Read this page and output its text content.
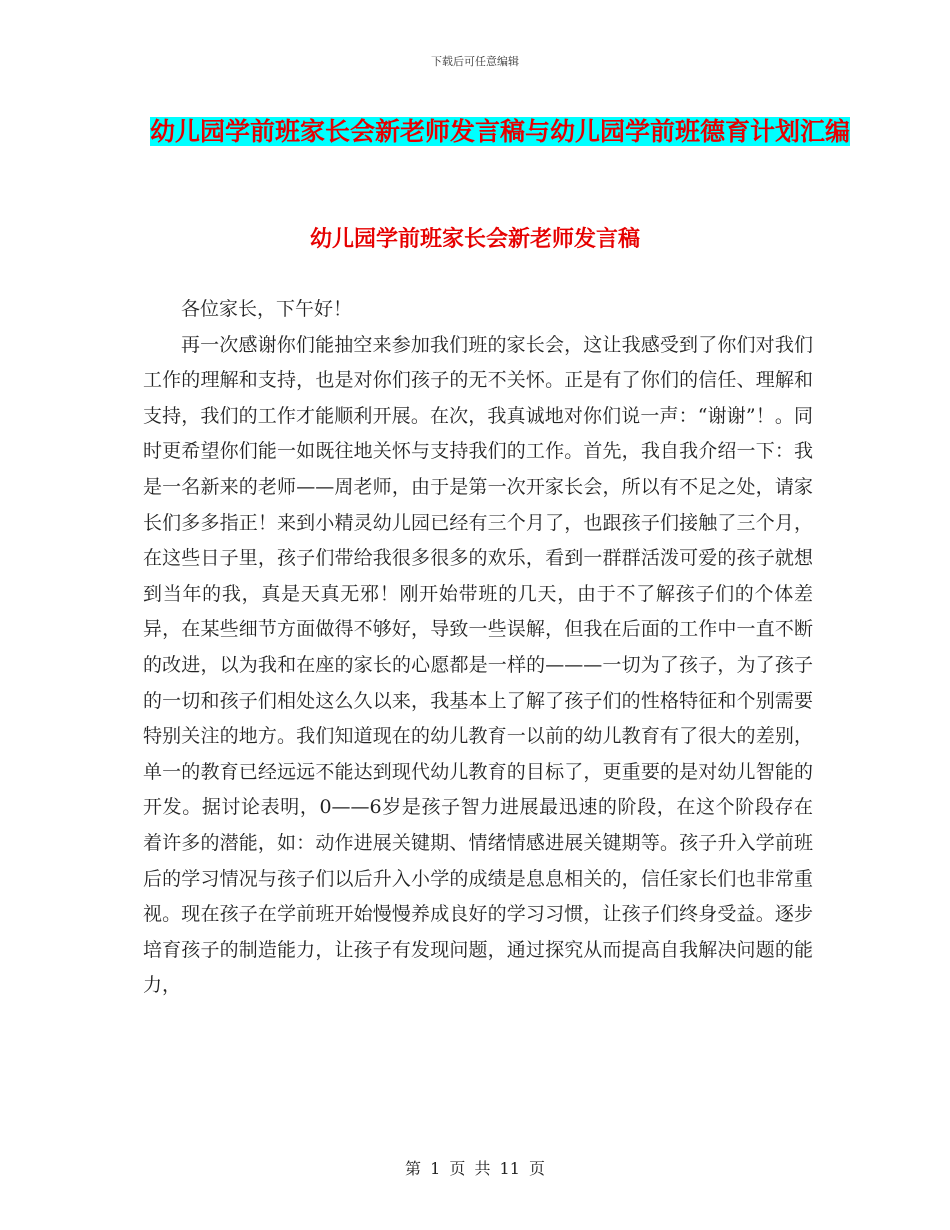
下载后可任意编辑
幼儿园学前班家长会新老师发言稿与幼儿园学前班德育计划汇编
幼儿园学前班家长会新老师发言稿

各位家长，下午好！

再一次感谢你们能抽空来参加我们班的家长会，这让我感受到了你们对我们工作的理解和支持，也是对你们孩子的无不关怀。正是有了你们的信任、理解和支持，我们的工作才能顺利开展。在次，我真诚地对你们说一声：“谢谢”！。同时更希望你们能一如既往地关怀与支持我们的工作。首先，我自我介绍一下：我是一名新来的老师——周老师，由于是第一次开家长会，所以有不足之处，请家长们多多指正！来到小精灵幼儿园已经有三个月了，也跟孩子们接触了三个月，在这些日子里，孩子们带给我很多很多的欢乐，看到一群群活泼可爱的孩子就想到当年的我，真是天真无邪！刚开始带班的几天，由于不了解孩子们的个体差异，在某些细节方面做得不够好，导致一些误解，但我在后面的工作中一直不断的改进，以为我和在座的家长的心愿都是一样的———一切为了孩子，为了孩子的一切和孩子们相处这么久以来，我基本上了解了孩子们的性格特征和个别需要特别关注的地方。我们知道现在的幼儿教育一以前的幼儿教育有了很大的差别，单一的教育已经远远不能达到现代幼儿教育的目标了，更重要的是对幼儿智能的开发。据讨论表明，0——6岁是孩子智力进展最迅速的阶段，在这个阶段存在着许多的潜能，如：动作进展关键期、情绪情感进展关键期等。孩子升入学前班后的学习情况与孩子们以后升入小学的成绩是息息相关的，信任家长们也非常重视。现在孩子在学前班开始慢慢养成良好的学习习惯，让孩子们终身受益。逐步培育孩子的制造能力，让孩子有发现问题，通过探究从而提高自我解决问题的能力，

第 1 页 共 11 页
